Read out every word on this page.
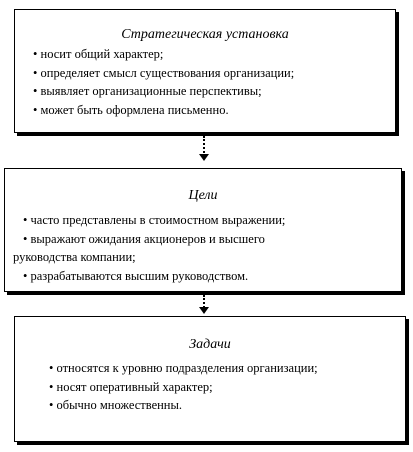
Стратегическая установка
• носит общий характер;
• определяет смысл существования организации;
• выявляет организационные перспективы;
• может быть оформлена письменно.
Цели
• часто представлены в стоимостном выражении;
• выражают ожидания акционеров и высшего
руководства компании;
• разрабатываются высшим руководством.
Задачи
• относятся к уровню подразделения организации;
• носят оперативный характер;
• обычно множественны.
